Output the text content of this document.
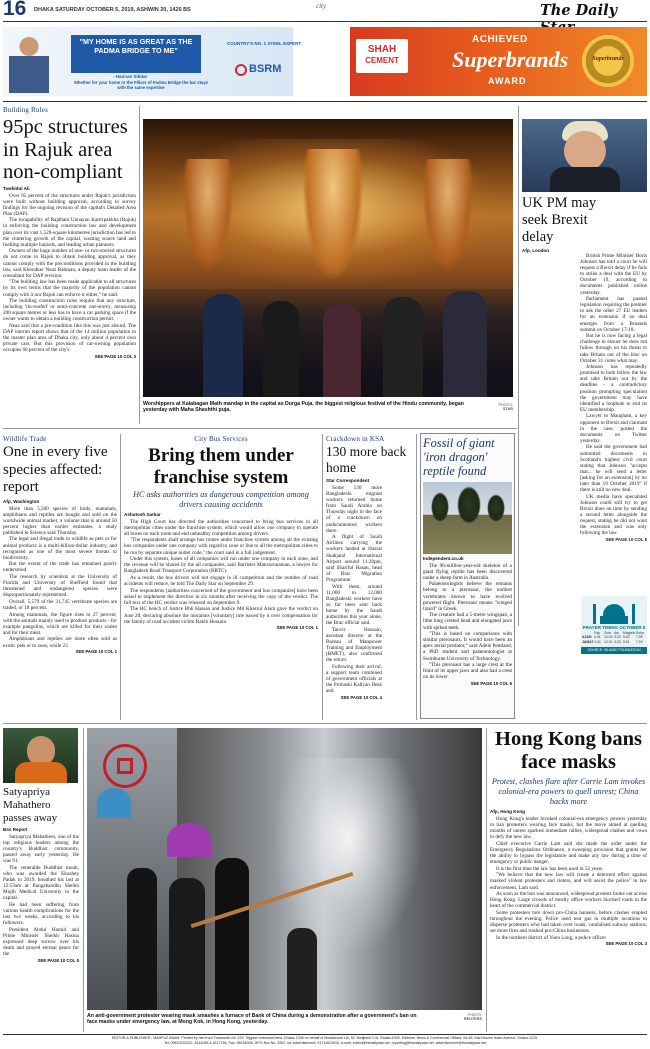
16 DHAKA SATURDAY OCTOBER 5, 2019, ASHWIN 20, 1426 BS	city	The Daily
"MY HOME IS AS GREAT AS THE PADMA BRIDGE TO ME"
- Hannan Sikdar
Whether for your home or the Pillars of Padma Bridge the bar stays with the same expertise
COUNTRY'S NO. 1 STEEL EXPERT
BSRM
SHAH
CEMENT
ACHIEVED
Superbrands
AWARD
Superbrands
Building Rules
95pc structures in Rajuk area non-compliant
Tawhidul Ali

Over 95 percent of the structures under Rajuk's jurisdiction were built without building approval, according to survey findings for the ongoing revision of the capital's Detailed Area Plan (DAP).

The incapability of Rajdhani Unnayan Kartripakkha (Rajuk) in enforcing the building construction law and development plan over its vast 1,528-square kilometres jurisdiction has led to the cluttering growth of the capital, wasting scarce land and fuelling multiple hazards, and leading urban planners.

Owners of the huge number of one- or two-storied structures do not come to Rajuk to obtain building approval, as they cannot comply with the preconditions provided in the building law, said Khondker Neaz Rahman, a deputy team leader of the consultant for DAP revision.

"The building law has been made applicable to all structures by its own terms that the majority of the population cannot comply with it nor Rajuk can enforce it either," he said.

The building construction rules require that any structure, including 'tin-roofed' or semi-concrete one-storey, measuring 200 square metres or less has to have a car parking space if the owner wants to obtain a building construction permit.

Neaz said that a pre-condition like this was just absurd. The DAP interim report shows that of the 14 million population in the master plan area of Dhaka city, only about 4 percent own private cars. But this provision of car-owning population occupies 60 percent of the city's

SEE PAGE 10 COL 3
Worshippers at Kalabagan Math mandap in the capital as Durga Puja, the biggest religious festival of the Hindu community, began yesterday with Maha Shashthi puja.
PHOTO:
STAR
UK PM may seek Brexit delay
Afp, London

British Prime Minister Boris Johnson has told a court he will request a Brexit delay if he fails to strike a deal with the EU by October 19, according to documents published online yesterday.

Parliament has passed legislation requiring the premier to ask the other 27 EU leaders for an extension if no deal emerges from a Brussels summit on October 17-18.

But he is now facing a legal challenge to ensure he does not follow through on his threat to take Britain out of the bloc on October 31 come what may.

Johnson has repeatedly promised to both follow the law and take Britain out by the deadline - a contradictory position prompting speculation the government may have identified a loophole to end its EU membership.

Lawyer to Maugham, a key opponent to Brexit and claimant in the case, posted the documents on Twitter yesterday.

He said the government had submitted documents to Scotland's highest civil court stating that Johnson "accepts that... he will send a letter [asking for an extension] by no later than 19 October 2019" if there is still no new deal.

UK media have speculated Johnson could still try to get Brexit done on time by sending a second letter alongside the request, stating he did not want the extension and was only following the law.

SEE PAGE 10 COL 5
PRAYER TIMING OCTOBER 5
Fajr	Zohr Asr	Maghrib Esha
AZAN 4:41 12:02 3:24 5:52	7:05
JAMAT 4:40 12:01 3:23 5:51	7:04
SOURCE: ISLAMIC FOUNDATION
Wildlife Trade
One in every five species affected: report
Afp, Washington

More than 5,500 species of birds, mammals, amphibians and reptiles are bought and sold on the worldwide animal market, a volume that is around 50 percent higher than earlier estimates, a study published in Science said Thursday.

The legal and illegal trade in wildlife as pets or for animal products is a multi-billion-dollar industry, and recognised as one of the most severe threats to biodiversity.

But the extent of the trade has remained poorly understood.

The research by scientists at the University of Florida and University of Sheffield found that threatened and endangered species were disproportionately represented.

Overall, 5,579 of the 31,745 vertebrate species are traded, or 18 percent.

Among mammals, the figure rises to 27 percent, with the animals mainly used to produce products - for example pangolins, which are killed for their scales and for their meat.

Amphibians and reptiles are more often sold as exotic pets or to zoos, while 23

SEE PAGE 10 COL 1
City Bus Services
Bring them under franchise system
HC asks authorities as dangerous competition among drivers causing accidents
Ashutosh Sarkar

The High Court has directed the authorities concerned to bring bus services in all metropolitan cities under the franchise system, which would allow one company to operate all buses on each route and end unhealthy competition among drivers.

"The respondents shall arrange bus routes under franchise system among all the existing bus companies under one company with regard to zone or line to all the metropolitan cities to be run by separate unique outlet code," the court said in a full judgement.

Under this system, buses of all companies will run under one company in each zone, and the revenue will be shared by the all companies, said Barrister Manzurunaman, a lawyer for Bangladesh Road Transport Corporation (BRTC).

As a result, the bus drivers will not engage in ill competition and the number of road accidents will reduce, he told The Daily Star on September 29.

The respondents [authorities concerned of the government and bus companies] have been asked to implement the directive in six months after receiving the copy of the verdict. The full text of the HC verdict was released on September 9.

The HC bench of Justice Bhh Hassan and Justice Md Khasrul Alam gave the verdict on June 20, declaring absolute the moramns [voluntary] rule issued by it over compensation for the family of road accident victim Rakib Hossain.

SEE PAGE 10 COL 1
Crackdown in KSA
130 more back home
Star Correspondent

Some 130 more Bangladeshi migrant workers returned home from Saudi Arabia on Thursday night in the face of a crackdown on undocumented workers there.

A flight of Saudi Airlines carrying the workers landed at Hazrat Shahjalal International Airport around 11:20pm, said Shariful Hasan, head of Brac Migration Programme.

With them, around 11,000 to 12,000 Bangladeshi workers have so far been sent back home by the Saudi authorities this year alone, the Brac official said.

Tanvir Hossain, assistant director at the Bureau of Manpower Training and Employment (BMET), also confirmed the return.

Following their arrival, a support team combined of government officials at the Probashi Kallyan Desk and

SEE PAGE 10 COL 4
Fossil of giant 'iron dragon' reptile found
Independent.co.uk

The 96-million-year-old skeleton of a giant flying reptile has been discovered under a sheep farm in Australia.

Palaeontologists believe the remains belong to a pterosaur, the earliest vertebrates known to have evolved powered flight. Pterosaur means "winged lizard" in Greek.

The creature had a 5-metre wingspan, a lithe long crested head and elongated jaws with spiked teeth.

"This is based on comparisons with similar pterosaurs. It would have been an apex aerial predator," said Adele Pentland, a PhD student and palaeontologist at Swinburne University of Technology.

"This pterosaur has a large crest at the front of its upper jaws and also had a crest on its lower

SEE PAGE 10 COL 6
Satyapriya Mahathero passes away
Bss Report

Satyapriya Mahathero, one of the top religious leaders among the country's Buddhist community, passed away early yesterday. He was 91.

The venerable Buddhist monk, who was awarded the Ekushey Padak in 2019, breathed his last at 12:53am at Bangabandhu Sheikh Mujib Medical University in the capital.

He had been suffering from various health complications for the last two weeks, according to his followers.

President Abdul Hamid and Prime Minister Sheikh Hasina expressed deep sorrow over his death and prayed eternal peace for the

SEE PAGE 10 COL 5
An anti-government protester wearing mask smashes a furnace of Bank of China during a demonstration after a government's ban on face masks under emergency law, at Mong Kok, in Hong Kong, yesterday.
PHOTO:
REUTERS
Hong Kong bans face masks
Protest, clashes flare after Carrie Lam invokes colonial-era powers to quell unrest; China backs more
Afp, Hong Kong

Hong Kong's leader invoked colonial-era emergency powers yesterday to ban protesters wearing face masks, but the move aimed at quelling months of unrest sparked immediate rallies, widespread clashes and vows to defy the new law.

Chief executive Carrie Lam said she made the order under the Emergency Regulations Ordinance, a sweeping provision that grants her the ability to bypass the legislature and make any law during a time of emergency or public danger.

It is the first time the law has been used in 52 years.

"We believe that the new law will create a deterrent effect against masked violent protesters and rioters, and will assist the police" in law enforcement, Lam said.

As soon as the ban was announced, widespread protests broke out across Hong Kong. Large crowds of mostly office workers blocked roads in the heart of the commercial district.

Some protesters tore down pro-China banners, before clashes erupted throughout the evening. Police used tear gas in multiple locations to disperse protesters who had taken over roads, vandalised subway stations, set more fires and trashed pro-China businesses.

In the northern district of Yuen Long, a police officer

SEE PAGE 10 COL 3
EDITOR & PUBLISHER : MAHFUZ ANAM. Printed by him from Transcraft Ltd. 229, Tejgaon Industrial Area, Dhaka-1208 on behalf of Mediaworld Ltd, 52, Motijheel C/A, Dhaka-1000. Editorial, News & Commercial Offices: 64-65, Kazi Nazrul Islam Avenue, Dhaka-1215.
Tel: 09610222222, 8144058 & 8117766, Fax: 58156306, GPO Box No. 3257, for Advertisement: 01711623910, e-mail: editor@thedailystar.net, reporting@thedailystar.net, advertisement@thedailystar.net
